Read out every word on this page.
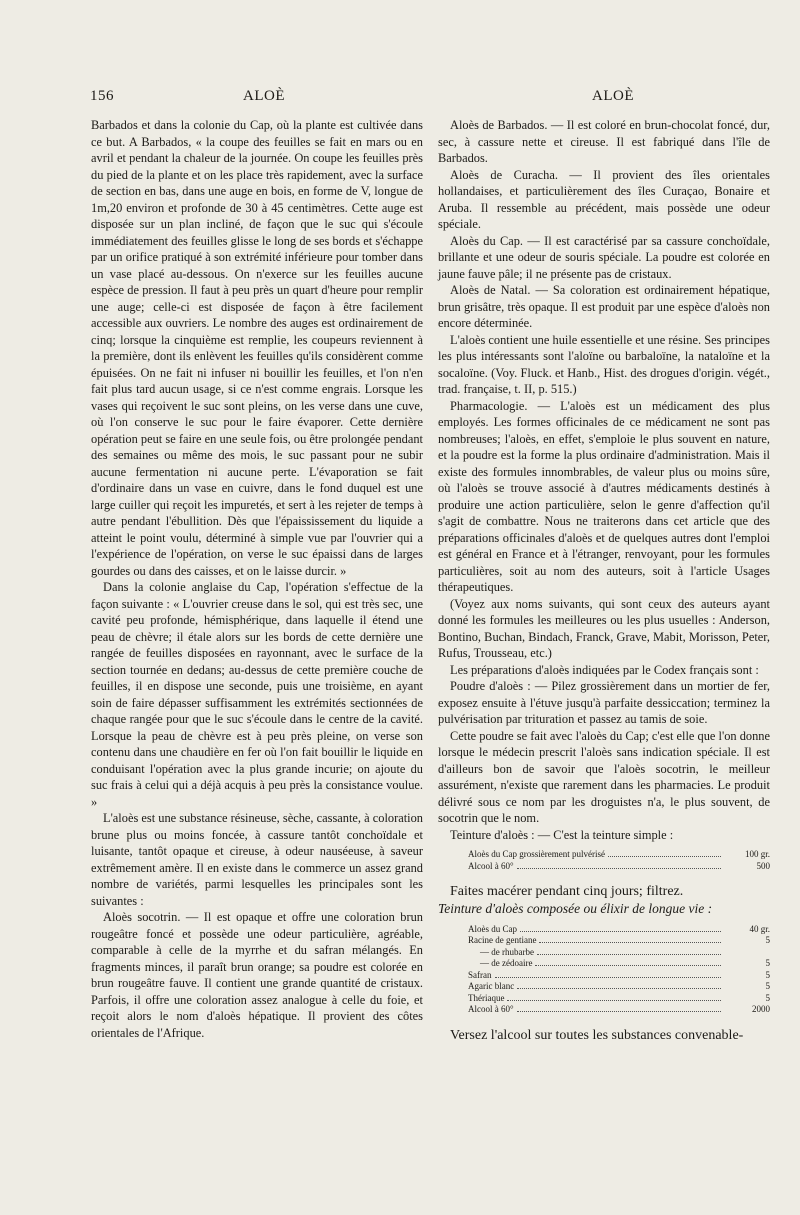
156	ALOÈ	ALOÈ

Barbados et dans la colonie du Cap, où la plante est cultivée dans ce but. A Barbados, « la coupe des feuilles se fait en mars ou en avril et pendant la chaleur de la journée. On coupe les feuilles près du pied de la plante et on les place très rapidement, avec la surface de section en bas, dans une auge en bois, en forme de V, longue de 1m,20 environ et profonde de 30 à 45 centimètres. Cette auge est disposée sur un plan incliné, de façon que le suc qui s'écoule immédiatement des feuilles glisse le long de ses bords et s'échappe par un orifice pratiqué à son extrémité inférieure pour tomber dans un vase placé au-dessous. On n'exerce sur les feuilles aucune espèce de pression. Il faut à peu près un quart d'heure pour remplir une auge; celle-ci est disposée de façon à être facilement accessible aux ouvriers. Le nombre des auges est ordinairement de cinq; lorsque la cinquième est remplie, les coupeurs reviennent à la première, dont ils enlèvent les feuilles qu'ils considèrent comme épuisées. On ne fait ni infuser ni bouillir les feuilles, et l'on n'en fait plus tard aucun usage, si ce n'est comme engrais. Lorsque les vases qui reçoivent le suc sont pleins, on les verse dans une cuve, où l'on conserve le suc pour le faire évaporer. Cette dernière opération peut se faire en une seule fois, ou être prolongée pendant des semaines ou même des mois, le suc passant pour ne subir aucune fermentation ni aucune perte. L'évaporation se fait d'ordinaire dans un vase en cuivre, dans le fond duquel est une large cuiller qui reçoit les impuretés, et sert à les rejeter de temps à autre pendant l'ébullition. Dès que l'épaississement du liquide a atteint le point voulu, déterminé à simple vue par l'ouvrier qui a l'expérience de l'opération, on verse le suc épaissi dans de larges gourdes ou dans des caisses, et on le laisse durcir. »

Dans la colonie anglaise du Cap, l'opération s'effectue de la façon suivante : « L'ouvrier creuse dans le sol, qui est très sec, une cavité peu profonde, hémisphérique, dans laquelle il étend une peau de chèvre; il étale alors sur les bords de cette dernière une rangée de feuilles disposées en rayonnant, avec le surface de la section tournée en dedans; au-dessus de cette première couche de feuilles, il en dispose une seconde, puis une troisième, en ayant soin de faire dépasser suffisamment les extrémités sectionnées de chaque rangée pour que le suc s'écoule dans le centre de la cavité. Lorsque la peau de chèvre est à peu près pleine, on verse son contenu dans une chaudière en fer où l'on fait bouillir le liquide en conduisant l'opération avec la plus grande incurie; on ajoute du suc frais à celui qui a déjà acquis à peu près la consistance voulue. »

L'aloès est une substance résineuse, sèche, cassante, à coloration brune plus ou moins foncée, à cassure tantôt conchoïdale et luisante, tantôt opaque et cireuse, à odeur nauséeuse, à saveur extrêmement amère. Il en existe dans le commerce un assez grand nombre de variétés, parmi lesquelles les principales sont les suivantes :

Aloès socotrin. — Il est opaque et offre une coloration brun rougeâtre foncé et possède une odeur particulière, agréable, comparable à celle de la myrrhe et du safran mélangés. En fragments minces, il paraît brun orange; sa poudre est colorée en brun rougeâtre fauve. Il contient une grande quantité de cristaux. Parfois, il offre une coloration assez analogue à celle du foie, et reçoit alors le nom d'aloès hépatique. Il provient des côtes orientales de l'Afrique.

Aloès de Barbados. — Il est coloré en brun-chocolat foncé, dur, sec, à cassure nette et cireuse. Il est fabriqué dans l'île de Barbados.

Aloès de Curacha. — Il provient des îles orientales hollandaises, et particulièrement des îles Curaçao, Bonaire et Aruba. Il ressemble au précédent, mais possède une odeur spéciale.

Aloès du Cap. — Il est caractérisé par sa cassure conchoïdale, brillante et une odeur de souris spéciale. La poudre est colorée en jaune fauve pâle; il ne présente pas de cristaux.

Aloès de Natal. — Sa coloration est ordinairement hépatique, brun grisâtre, très opaque. Il est produit par une espèce d'aloès non encore déterminée.

L'aloès contient une huile essentielle et une résine. Ses principes les plus intéressants sont l'aloïne ou barbaloïne, la nataloïne et la socaloïne. (Voy. Fluck. et Hanb., Hist. des drogues d'origin. végét., trad. française, t. II, p. 515.)

Pharmacologie. — L'aloès est un médicament des plus employés. Les formes officinales de ce médicament ne sont pas nombreuses; l'aloès, en effet, s'emploie le plus souvent en nature, et la poudre est la forme la plus ordinaire d'administration. Mais il existe des formules innombrables, de valeur plus ou moins sûre, où l'aloès se trouve associé à d'autres médicaments destinés à produire une action particulière, selon le genre d'affection qu'il s'agit de combattre. Nous ne traiterons dans cet article que des préparations officinales d'aloès et de quelques autres dont l'emploi est général en France et à l'étranger, renvoyant, pour les formules particulières, soit au nom des auteurs, soit à l'article Usages thérapeutiques.

(Voyez aux noms suivants, qui sont ceux des auteurs ayant donné les formules les meilleures ou les plus usuelles : Anderson, Bontino, Buchan, Bindach, Franck, Grave, Mabit, Morisson, Peter, Rufus, Trousseau, etc.)

Les préparations d'aloès indiquées par le Codex français sont :

Poudre d'aloès : — Pilez grossièrement dans un mortier de fer, exposez ensuite à l'étuve jusqu'à parfaite dessiccation; terminez la pulvérisation par trituration et passez au tamis de soie.

Cette poudre se fait avec l'aloès du Cap; c'est elle que l'on donne lorsque le médecin prescrit l'aloès sans indication spéciale. Il est d'ailleurs bon de savoir que l'aloès socotrin, le meilleur assurément, n'existe que rarement dans les pharmacies. Le produit délivré sous ce nom par les droguistes n'a, le plus souvent, de socotrin que le nom.

Teinture d'aloès : — C'est la teinture simple :

Aloès du Cap grossièrement pulvérisé	100 gr.
Alcool à 60°	500

Faites macérer pendant cinq jours; filtrez.

Teinture d'aloès composée ou élixir de longue vie :

Aloès du Cap	40 gr.
Racine de gentiane	5
— de rhubarbe
— de zédoaire	5
Safran	5
Agaric blanc	5
Thériaque	5
Alcool à 60°	2000

Versez l'alcool sur toutes les substances convenable-
